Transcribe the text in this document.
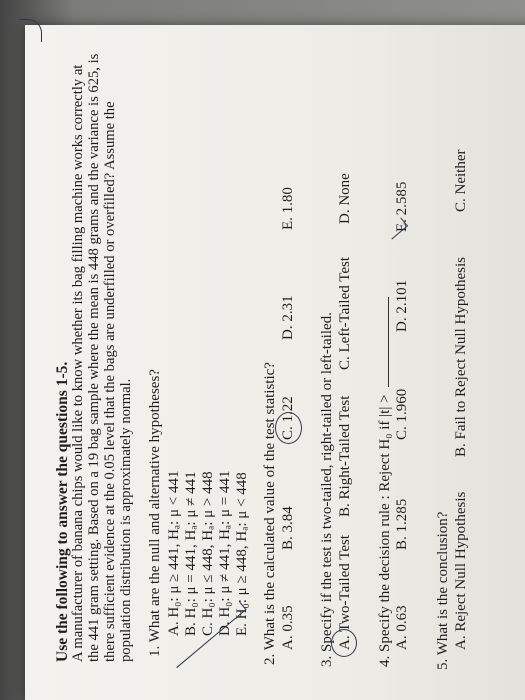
Use the following to answer the questions 1-5. A manufacturer of banana chips would like to know whether its bag filling machine works correctly at the 441 gram setting. Based on a 19 bag sample where the mean is 448 grams and the variance is 625, is there sufficient evidence at the 0.05 level that the bags are underfilled or overfilled? Assume the population distribution is approximately normal. 1. What are the null and alternative hypotheses? A. H₀: μ ≥ 441, Hₐ: μ < 441
B. H₀: μ = 441, Hₐ: μ ≠ 441
C. H₀: μ ≤ 448, Hₐ: μ > 448
D. H₀: μ ≠ 441, Hₐ: μ = 441
E. H₀: μ ≥ 448, Hₐ: μ < 448
2. What is the calculated value of the test statistic? A. 0.35
B. 3.84
C. 1.22
D. 2.31
E. 1.80
3. Specify if the test is two-tailed, right-tailed or left-tailed. A. Two-Tailed Test
B. Right-Tailed Test
C. Left-Tailed Test
D. None
4. Specify the decision rule : Reject H₀ if |t| > A. 0.63
B. 1.285
C. 1.960
D. 2.101
E. 2.585
5. What is the conclusion? A. Reject Null Hypothesis
B. Fail to Reject Null Hypothesis
C. Neither
